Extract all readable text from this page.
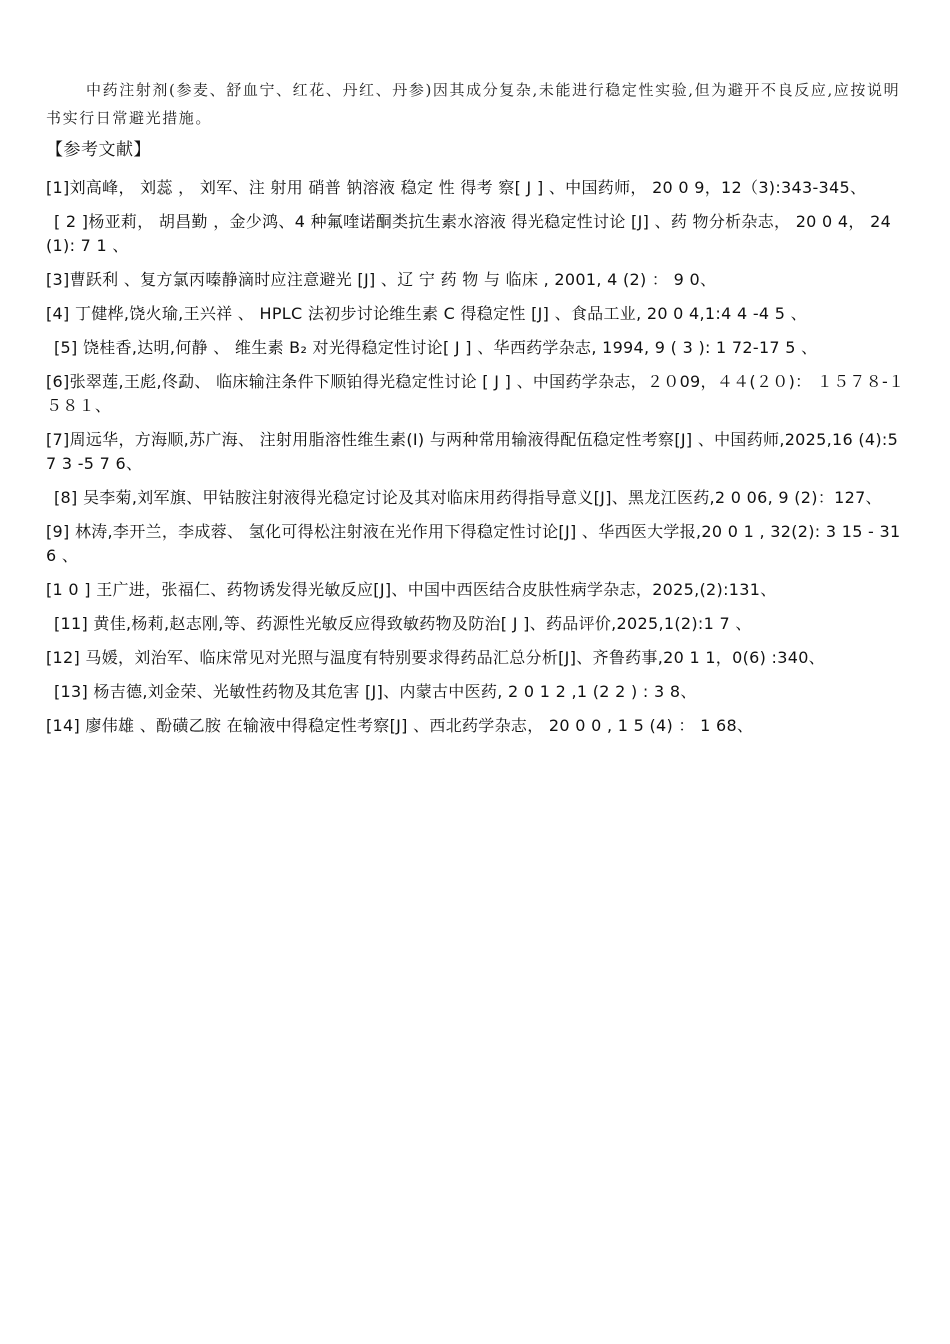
中药注射剂(参麦、舒血宁、红花、丹红、丹参)因其成分复杂,未能进行稳定性实验,但为避开不良反应,应按说明书实行日常避光措施。

【参考文献】
[1]刘高峰， 刘蕊 ， 刘军、注 射用 硝普 钠溶液 稳定 性 得考 察[ J ] 、中国药师， 20 0 9，12（3):343-345、
[ 2 ]杨亚莉， 胡昌勤 ，金少鸿、4 种氟喹诺酮类抗生素水溶液 得光稳定性讨论 [J] 、药 物分析杂志， 20 0 4， 24 (1): 7 1 、
[3]曹跃利 、复方氯丙嗪静滴时应注意避光 [J] 、辽 宁 药 物 与 临床 , 2001, 4 (2) ： 9 0、
[4] 丁健桦,饶火瑜,王兴祥 、 HPLC 法初步讨论维生素 C 得稳定性 [J] 、食品工业, 20 0 4,1:4 4 -4 5 、
[5] 饶桂香,达明,何静 、 维生素 B₂ 对光得稳定性讨论[ J ] 、华西药学杂志, 1994, 9 ( 3 ): 1 72-17 5 、
[6]张翠莲,王彪,佟勐、 临床输注条件下顺铂得光稳定性讨论 [ J ] 、中国药学杂志，２０09，４４(２０)： １５７８-１５８１、
[7]周远华，方海顺,苏广海、 注射用脂溶性维生素(I) 与两种常用输液得配伍稳定性考察[J] 、中国药师,2025,16 (4):5 7 3 -5 7 6、
[8] 吴李菊,刘军旗、甲钴胺注射液得光稳定讨论及其对临床用药得指导意义[J]、黑龙江医药,2 0 06, 9 (2)：127、
[9] 林涛,李开兰，李成蓉、 氢化可得松注射液在光作用下得稳定性讨论[J] 、华西医大学报,20 0 1 , 32(2): 3 15 - 31 6 、
[1 0 ] 王广进，张福仁、药物诱发得光敏反应[J]、中国中西医结合皮肤性病学杂志，2025,(2):131、
[11] 黄佳,杨莉,赵志刚,等、药源性光敏反应得致敏药物及防治[ J ]、药品评价,2025,1(2):1 7 、
[12] 马媛，刘治军、临床常见对光照与温度有特别要求得药品汇总分析[J]、齐鲁药事,20 1 1，0(6) :340、
[13] 杨吉德,刘金荣、光敏性药物及其危害 [J]、内蒙古中医药, 2 0 1 2 ,1 (2 2 ) : 3 8、
[14] 廖伟雄 、酚磺乙胺 在输液中得稳定性考察[J] 、西北药学杂志， 20 0 0 , 1 5 (4) ： 1 68、
